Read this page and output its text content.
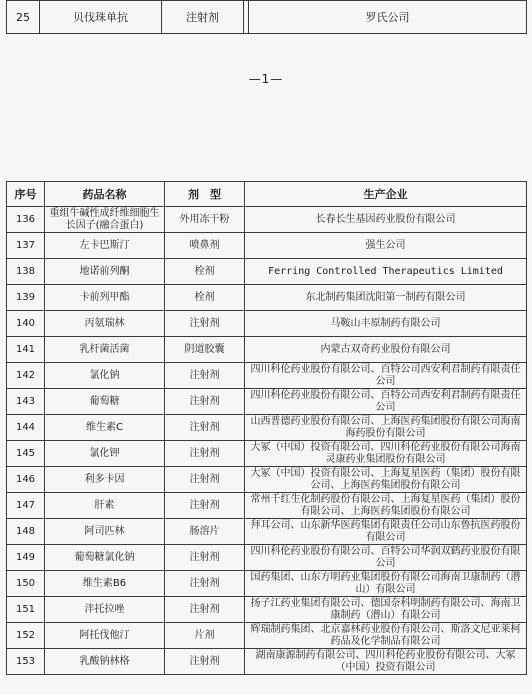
25	贝伐珠单抗	注射剂		罗氏公司
—1—
序号	药品名称	剂　型	生产企业
136	重组牛碱性成纤维细胞生长因子(融合蛋白)	外用冻干粉	长春长生基因药业股份有限公司
137	左卡巴斯汀	喷鼻剂	强生公司
138	地诺前列酮	栓剂	Ferring Controlled Therapeutics Limited
139	卡前列甲酯	栓剂	东北制药集团沈阳第一制药有限公司
140	丙氨瑞林	注射剂	马鞍山丰原制药有限公司
141	乳杆菌活菌	阴道胶囊	内蒙古双奇药业股份有限公司
142	氯化钠	注射剂	四川科伦药业股份有限公司、百特公司西安利君制药有限责任公司
143	葡萄糖	注射剂	四川科伦药业股份有限公司、百特公司西安利君制药有限责任公司
144	维生素C	注射剂	山西普德药业股份有限公司、上海医药集团股份有限公司海南海药股份有限公司
145	氯化钾	注射剂	大冢（中国）投资有限公司、四川科伦药业股份有限公司海南灵康药业集团股份有限公司
146	利多卡因	注射剂	大冢（中国）投资有限公司、上海复星医药（集团）股份有限公司、上海医药集团股份有限公司
147	肝素	注射剂	常州千红生化制药股份有限公司、上海复星医药（集团）股份有限公司、上海医药集团股份有限公司
148	阿司匹林	肠溶片	拜耳公司、山东新华医药集团有限责任公司山东鲁抗医药股份有限公司
149	葡萄糖氯化钠	注射剂	四川科伦药业股份有限公司、百特公司华润双鹤药业股份有限公司
150	维生素B6	注射剂	国药集团、山东方明药业集团股份有限公司海南卫康制药（潜山）有限公司
151	泮托拉唑	注射剂	扬子江药业集团有限公司、德国奈科明制药有限公司、海南卫康制药（潜山）有限公司
152	阿托伐他汀	片剂	辉瑞制药集团、北京嘉林药业股份有限公司、斯洛文尼亚莱柯药品及化学制品有限公司
153	乳酸钠林格	注射剂	湖南康源制药有限公司、四川科伦药业股份有限公司、大冢（中国）投资有限公司
